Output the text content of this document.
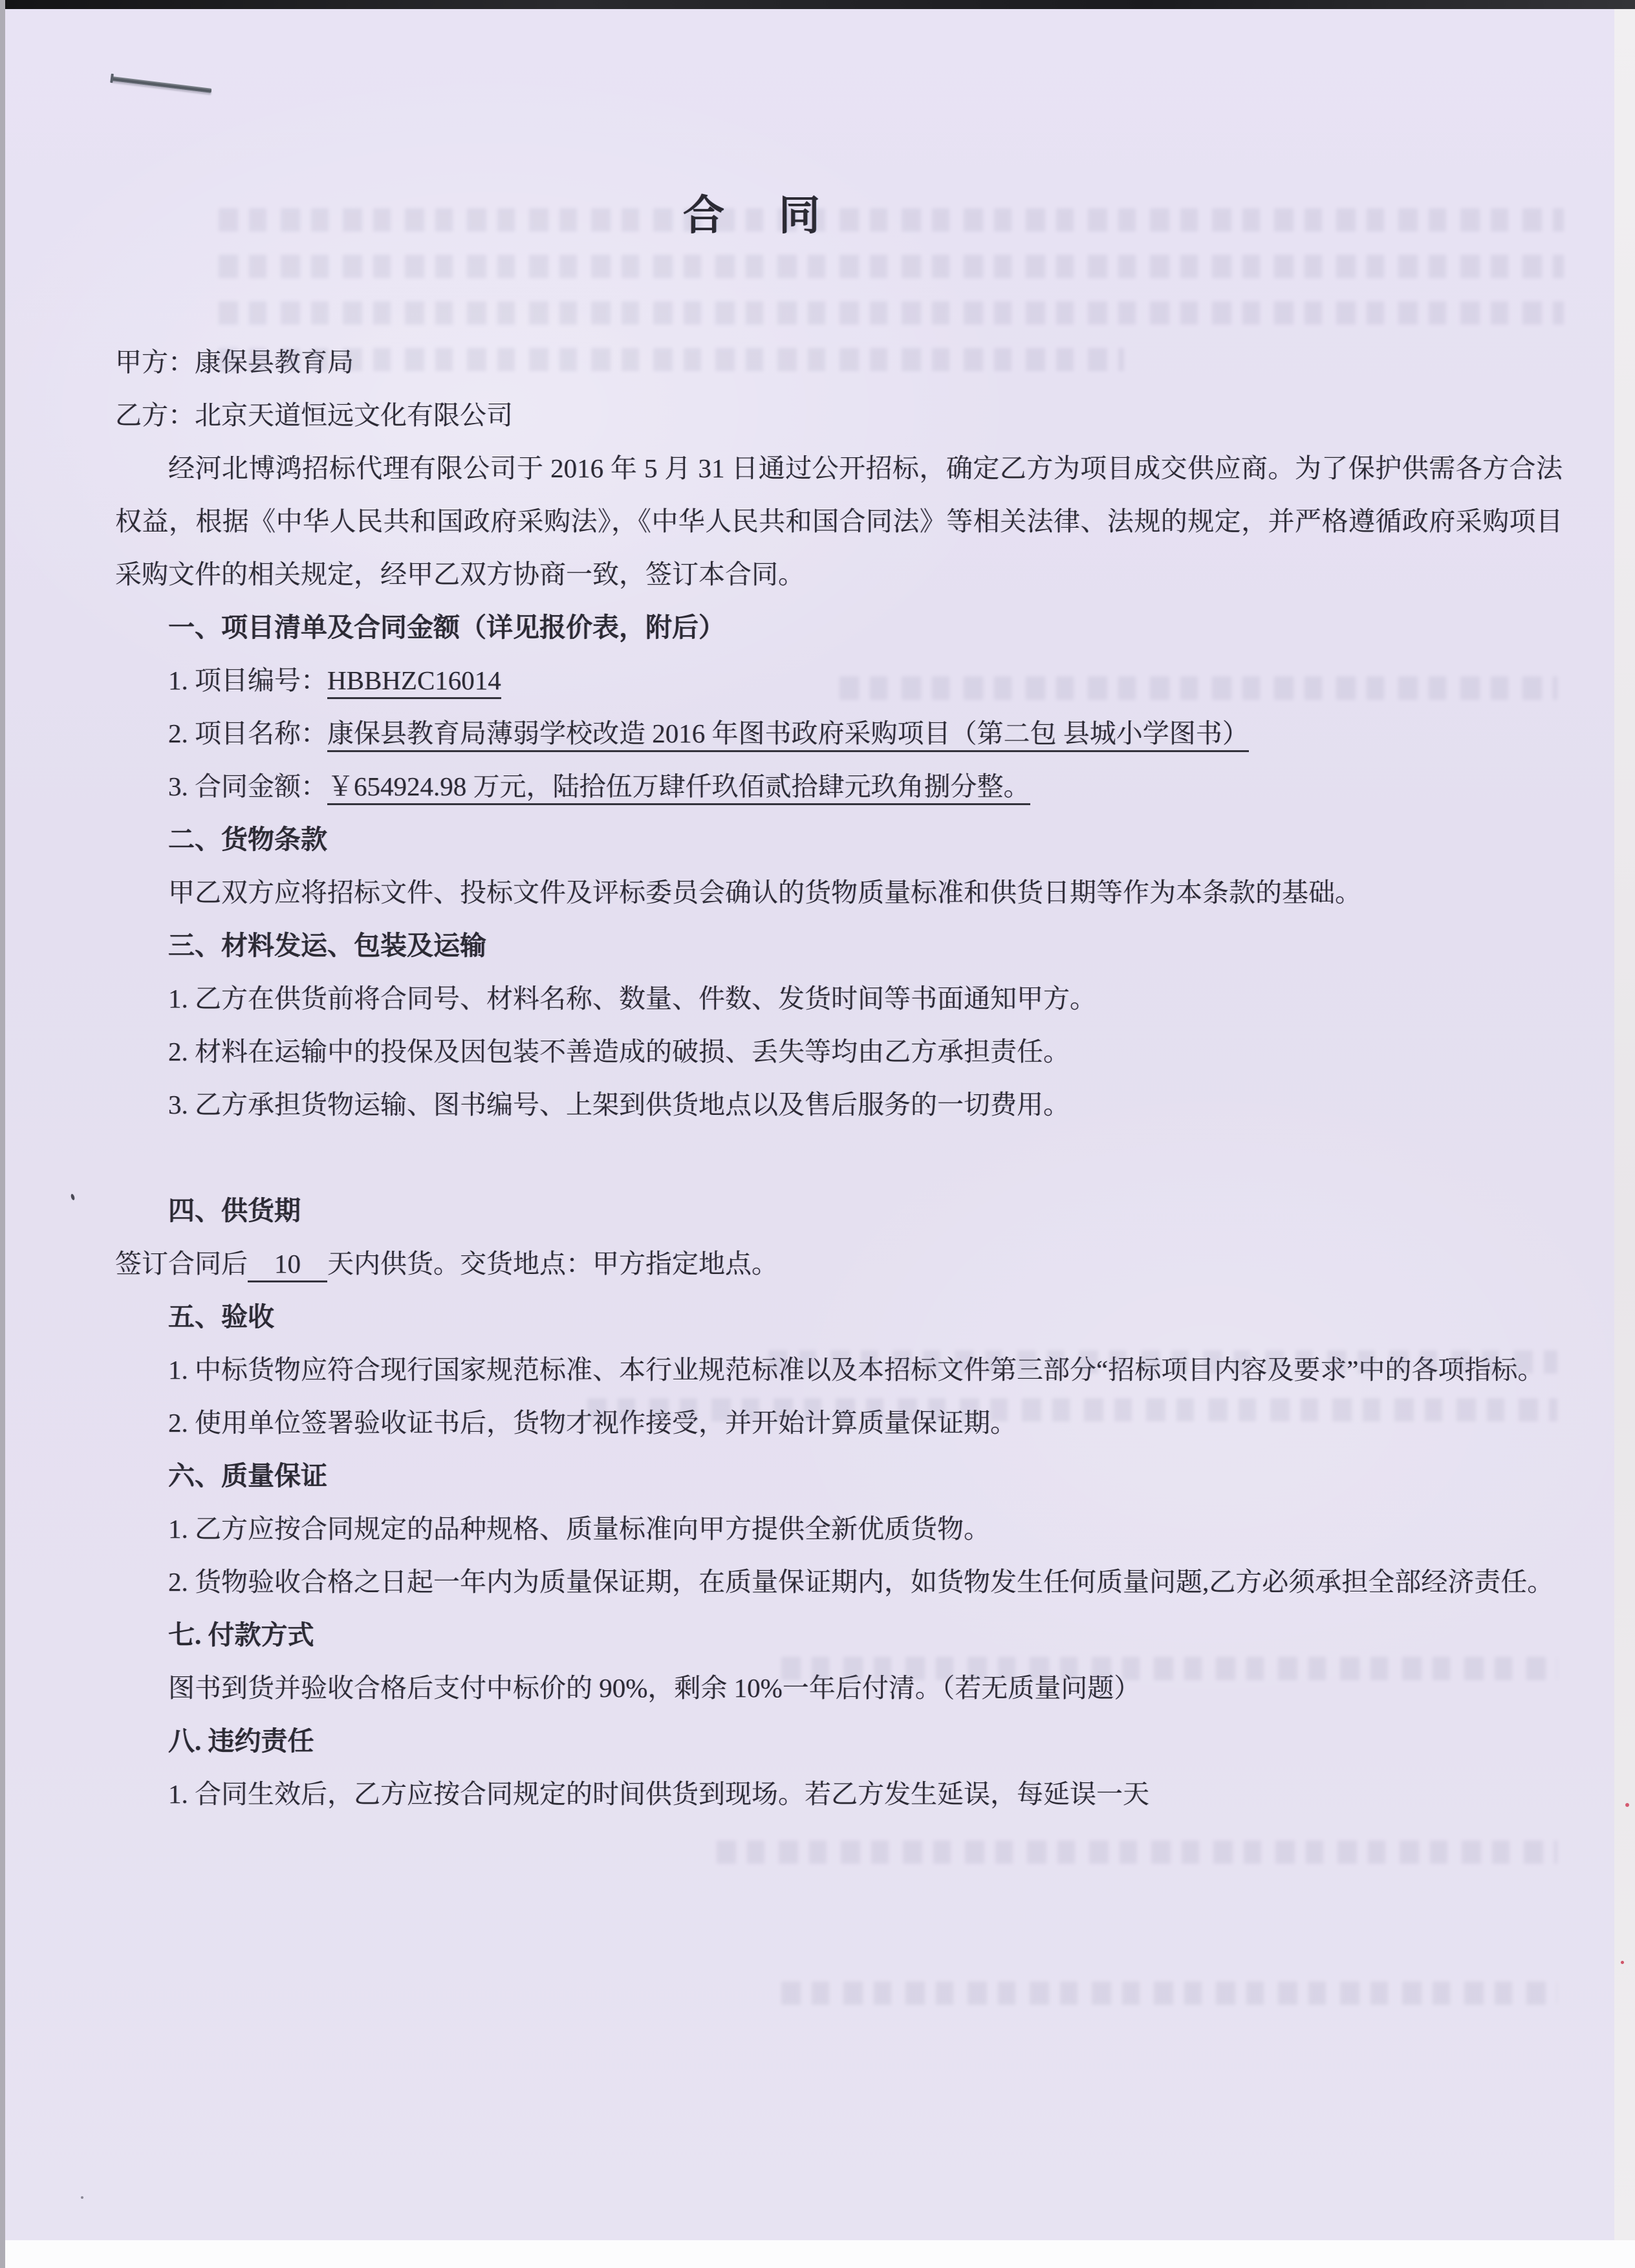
合　同

甲方：康保县教育局

乙方：北京天道恒远文化有限公司

经河北博鸿招标代理有限公司于 2016 年 5 月 31 日通过公开招标，确定乙方为项目成交供应商。为了保护供需各方合法权益，根据《中华人民共和国政府采购法》，《中华人民共和国合同法》等相关法律、法规的规定，并严格遵循政府采购项目采购文件的相关规定，经甲乙双方协商一致，签订本合同。

一、项目清单及合同金额（详见报价表，附后）

1. 项目编号：HBBHZC16014

2. 项目名称：康保县教育局薄弱学校改造 2016 年图书政府采购项目（第二包 县城小学图书）

3. 合同金额：￥654924.98 万元，陆拾伍万肆仟玖佰贰拾肆元玖角捌分整。

二、货物条款

甲乙双方应将招标文件、投标文件及评标委员会确认的货物质量标准和供货日期等作为本条款的基础。

三、材料发运、包装及运输

1. 乙方在供货前将合同号、材料名称、数量、件数、发货时间等书面通知甲方。

2. 材料在运输中的投保及因包装不善造成的破损、丢失等均由乙方承担责任。

3. 乙方承担货物运输、图书编号、上架到供货地点以及售后服务的一切费用。

四、供货期

签订合同后　10　天内供货。交货地点：甲方指定地点。

五、验收

1. 中标货物应符合现行国家规范标准、本行业规范标准以及本招标文件第三部分“招标项目内容及要求”中的各项指标。

2. 使用单位签署验收证书后，货物才视作接受，并开始计算质量保证期。

六、质量保证

1. 乙方应按合同规定的品种规格、质量标准向甲方提供全新优质货物。

2. 货物验收合格之日起一年内为质量保证期，在质量保证期内，如货物发生任何质量问题,乙方必须承担全部经济责任。

七. 付款方式

图书到货并验收合格后支付中标价的 90%，剩余 10%一年后付清。（若无质量问题）

八. 违约责任

1. 合同生效后，乙方应按合同规定的时间供货到现场。若乙方发生延误，每延误一天
